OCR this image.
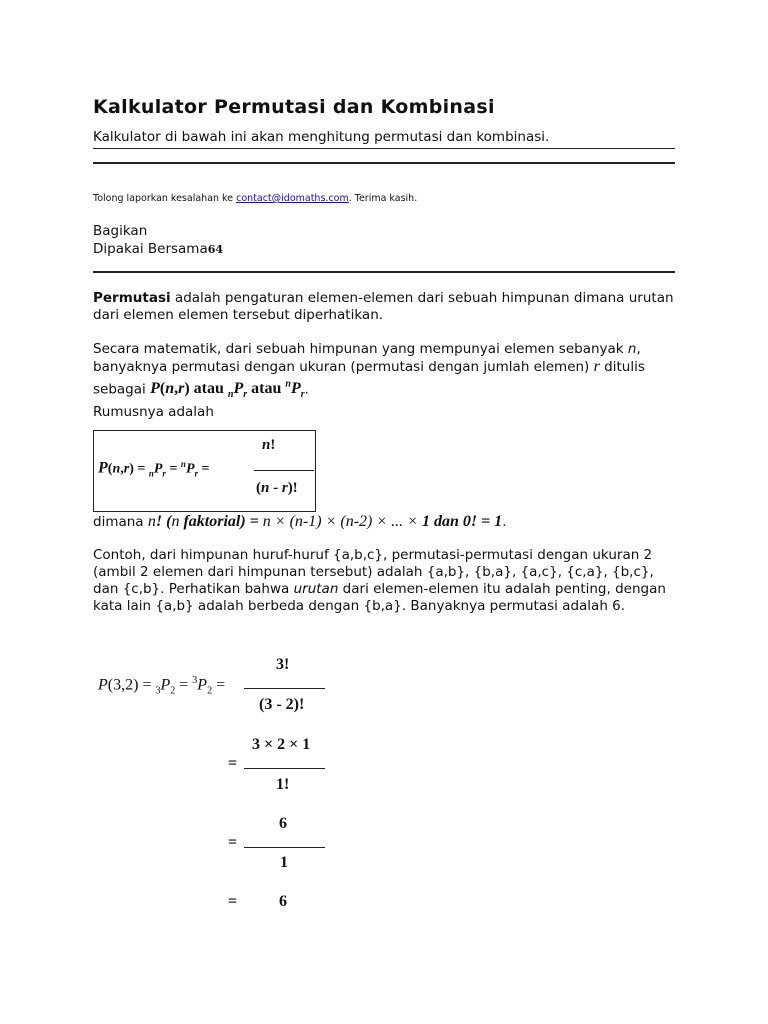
Kalkulator Permutasi dan Kombinasi
Kalkulator di bawah ini akan menghitung permutasi dan kombinasi.
Tolong laporkan kesalahan ke contact@idomaths.com. Terima kasih.
Bagikan
Dipakai Bersama64
Permutasi adalah pengaturan elemen-elemen dari sebuah himpunan dimana urutan dari elemen elemen tersebut diperhatikan.
Secara matematik, dari sebuah himpunan yang mempunyai elemen sebanyak n, banyaknya permutasi dengan ukuran (permutasi dengan jumlah elemen) r ditulis sebagai P(n,r) atau $_nP_r$ atau $^nP_r$.
Rumusnya adalah
$P(n,r) = _nP_r = ^nP_r$ =
n!
(n - r)!
dimana n! (n faktorial) = n × (n-1) × (n-2) × ... × 1 dan 0! = 1.
Contoh, dari himpunan huruf-huruf {a,b,c}, permutasi-permutasi dengan ukuran 2 (ambil 2 elemen dari himpunan tersebut) adalah {a,b}, {b,a}, {a,c}, {c,a}, {b,c}, dan {c,b}. Perhatikan bahwa urutan dari elemen-elemen itu adalah penting, dengan kata lain {a,b} adalah berbeda dengan {b,a}. Banyaknya permutasi adalah 6.
$P(3,2) = _3P_2 = ^3P_2$ =
3!
(3 - 2)!
=
3 × 2 × 1
1!
=
6
1
=	6
